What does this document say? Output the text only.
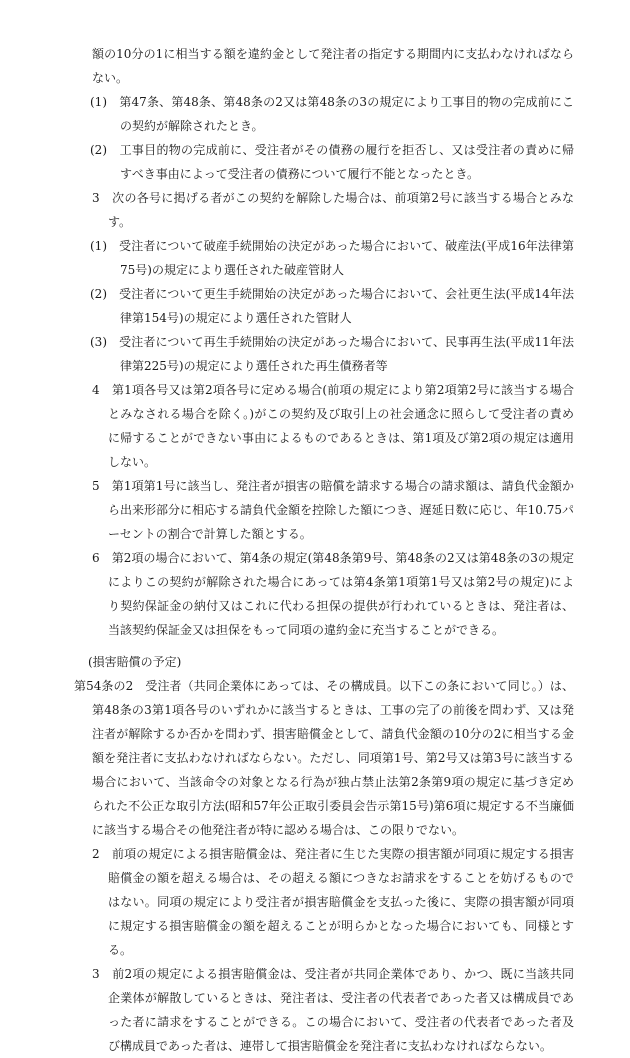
額の10分の1に相当する額を違約金として発注者の指定する期間内に支払わなければならない。
(1)　第47条、第48条、第48条の2又は第48条の3の規定により工事目的物の完成前にこの契約が解除されたとき。
(2)　工事目的物の完成前に、受注者がその債務の履行を拒否し、又は受注者の責めに帰すべき事由によって受注者の債務について履行不能となったとき。
3　次の各号に掲げる者がこの契約を解除した場合は、前項第2号に該当する場合とみなす。
(1)　受注者について破産手続開始の決定があった場合において、破産法(平成16年法律第75号)の規定により選任された破産管財人
(2)　受注者について更生手続開始の決定があった場合において、会社更生法(平成14年法律第154号)の規定により選任された管財人
(3)　受注者について再生手続開始の決定があった場合において、民事再生法(平成11年法律第225号)の規定により選任された再生債務者等
4　第1項各号又は第2項各号に定める場合(前項の規定により第2項第2号に該当する場合とみなされる場合を除く。)がこの契約及び取引上の社会通念に照らして受注者の責めに帰することができない事由によるものであるときは、第1項及び第2項の規定は適用しない。
5　第1項第1号に該当し、発注者が損害の賠償を請求する場合の請求額は、請負代金額から出来形部分に相応する請負代金額を控除した額につき、遅延日数に応じ、年10.75パーセントの割合で計算した額とする。
6　第2項の場合において、第4条の規定(第48条第9号、第48条の2又は第48条の3の規定によりこの契約が解除された場合にあっては第4条第1項第1号又は第2号の規定)により契約保証金の納付又はこれに代わる担保の提供が行われているときは、発注者は、当該契約保証金又は担保をもって同項の違約金に充当することができる。
(損害賠償の予定)
第54条の2　受注者（共同企業体にあっては、その構成員。以下この条において同じ。）は、第48条の3第1項各号のいずれかに該当するときは、工事の完了の前後を問わず、又は発注者が解除するか否かを問わず、損害賠償金として、請負代金額の10分の2に相当する金額を発注者に支払わなければならない。ただし、同項第1号、第2号又は第3号に該当する場合において、当該命令の対象となる行為が独占禁止法第2条第9項の規定に基づき定められた不公正な取引方法(昭和57年公正取引委員会告示第15号)第6項に規定する不当廉価に該当する場合その他発注者が特に認める場合は、この限りでない。
2　前項の規定による損害賠償金は、発注者に生じた実際の損害額が同項に規定する損害賠償金の額を超える場合は、その超える額につきなお請求をすることを妨げるものではない。同項の規定により受注者が損害賠償金を支払った後に、実際の損害額が同項に規定する損害賠償金の額を超えることが明らかとなった場合においても、同様とする。
3　前2項の規定による損害賠償金は、受注者が共同企業体であり、かつ、既に当該共同企業体が解散しているときは、発注者は、受注者の代表者であった者又は構成員であった者に請求をすることができる。この場合において、受注者の代表者であった者及び構成員であった者は、連帯して損害賠償金を発注者に支払わなければならない。
